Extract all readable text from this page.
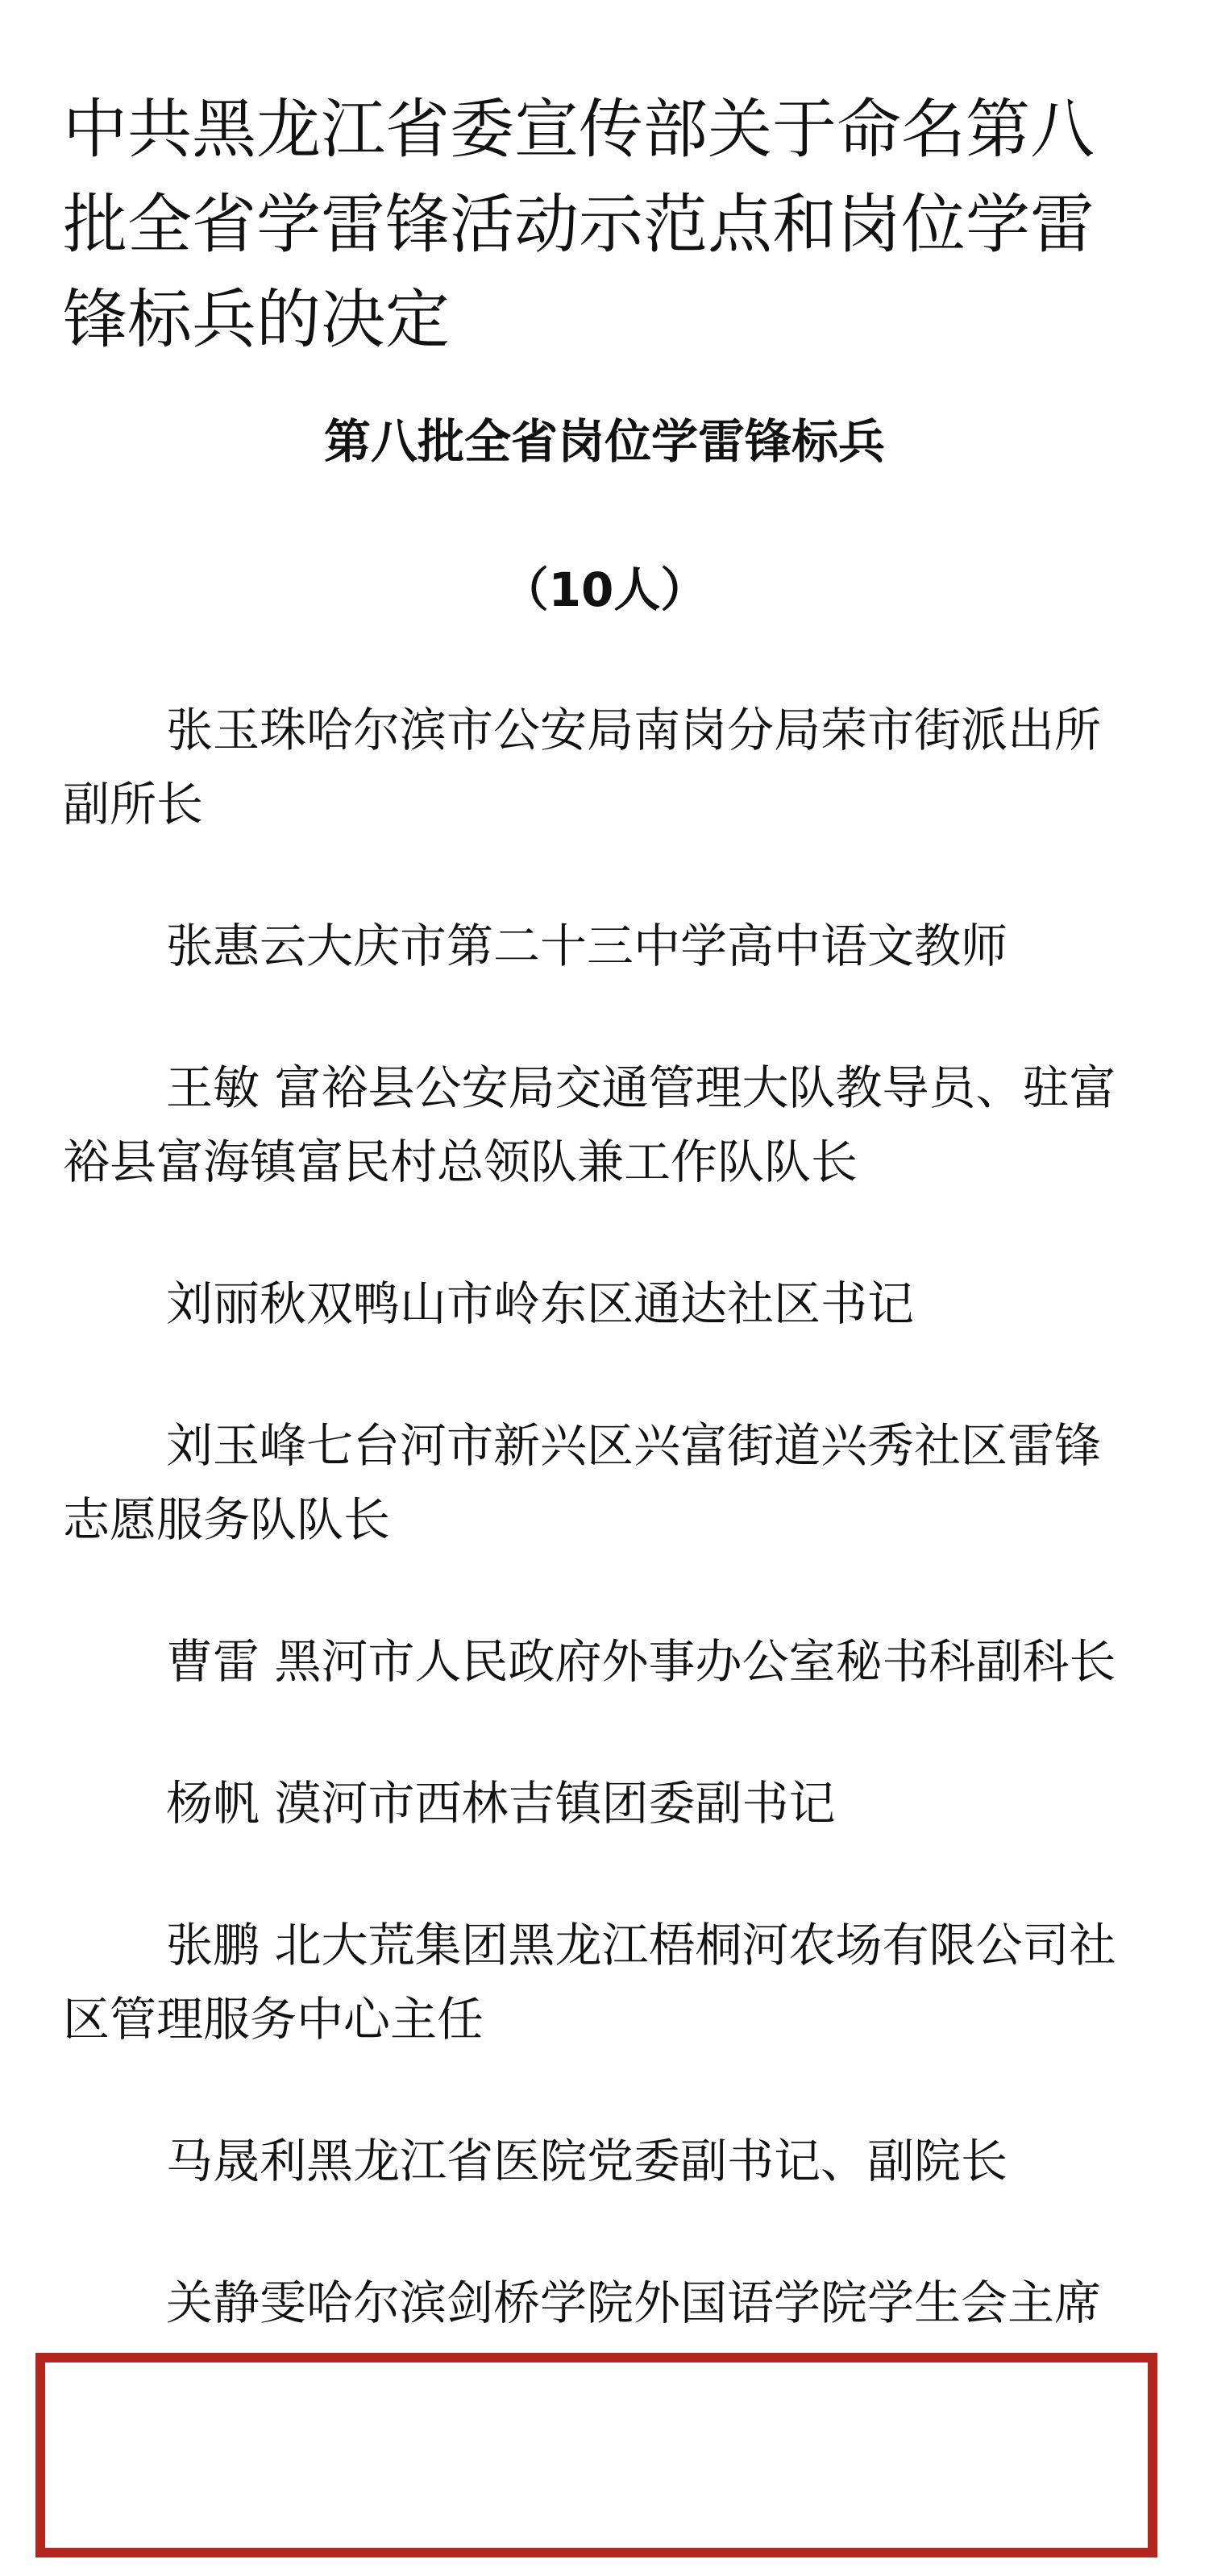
中共黑龙江省委宣传部关于命名第八批全省学雷锋活动示范点和岗位学雷锋标兵的决定
第八批全省岗位学雷锋标兵
（10人）
张玉珠哈尔滨市公安局南岗分局荣市街派出所副所长
张惠云大庆市第二十三中学高中语文教师
王敏 富裕县公安局交通管理大队教导员、驻富裕县富海镇富民村总领队兼工作队队长
刘丽秋双鸭山市岭东区通达社区书记
刘玉峰七台河市新兴区兴富街道兴秀社区雷锋志愿服务队队长
曹雷 黑河市人民政府外事办公室秘书科副科长
杨帆 漠河市西林吉镇团委副书记
张鹏 北大荒集团黑龙江梧桐河农场有限公司社区管理服务中心主任
马晟利黑龙江省医院党委副书记、副院长
关静雯哈尔滨剑桥学院外国语学院学生会主席
